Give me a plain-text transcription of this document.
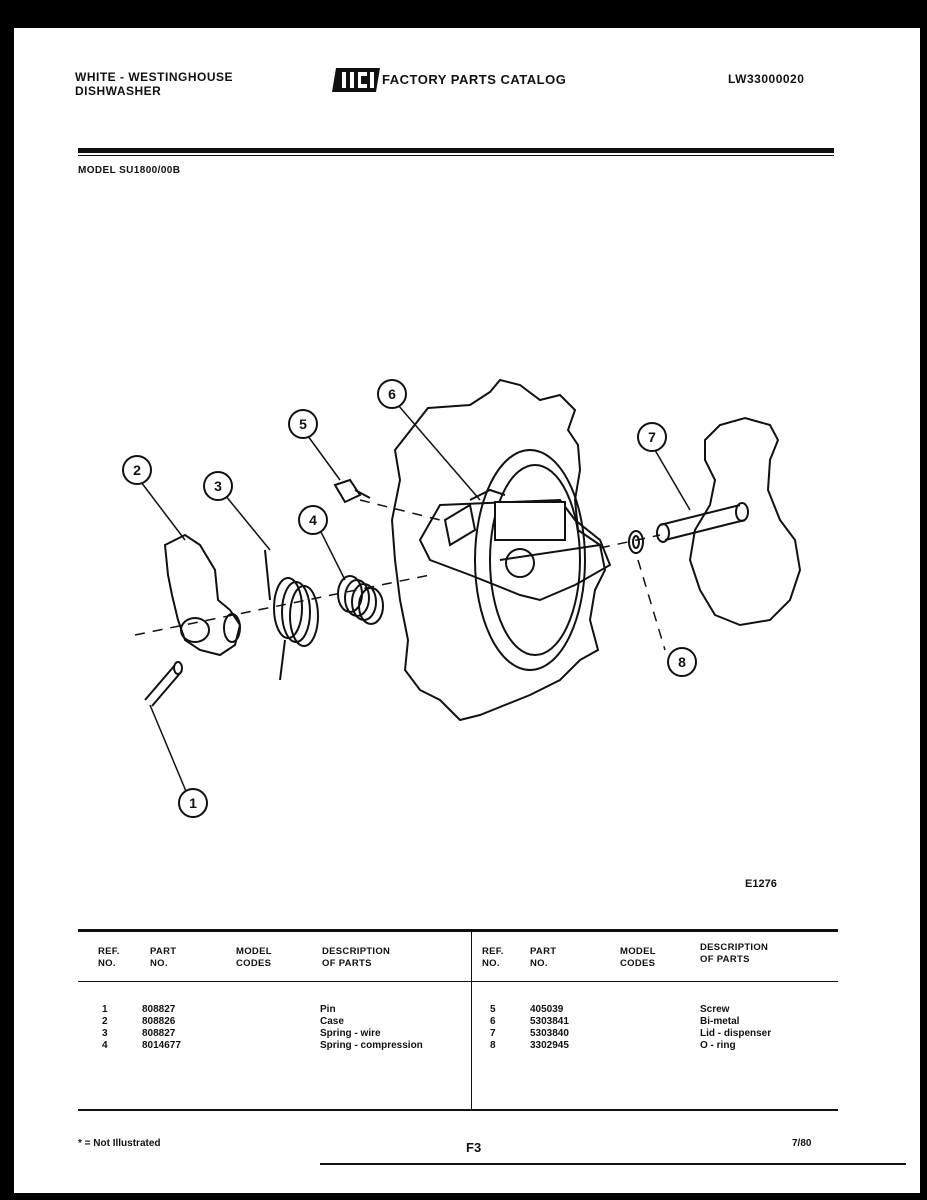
WHITE - WESTINGHOUSE
DISHWASHER
FACTORY PARTS CATALOG	LW33000020
MODEL SU1800/00B
1
2
3
4
5
6
7
8
E1276
REF.
NO.
PART
NO.
MODEL
CODES
DESCRIPTION
OF PARTS
REF.
NO.
PART
NO.
MODEL
CODES
DESCRIPTION
OF PARTS
1	808827	Pin
2	808826	Case
3	808827	Spring - wire
4	8014677	Spring - compression
5	405039	Screw
6	5303841	Bi-metal
7	5303840	Lid - dispenser
8	3302945	O - ring
* = Not Illustrated	F3	7/80
